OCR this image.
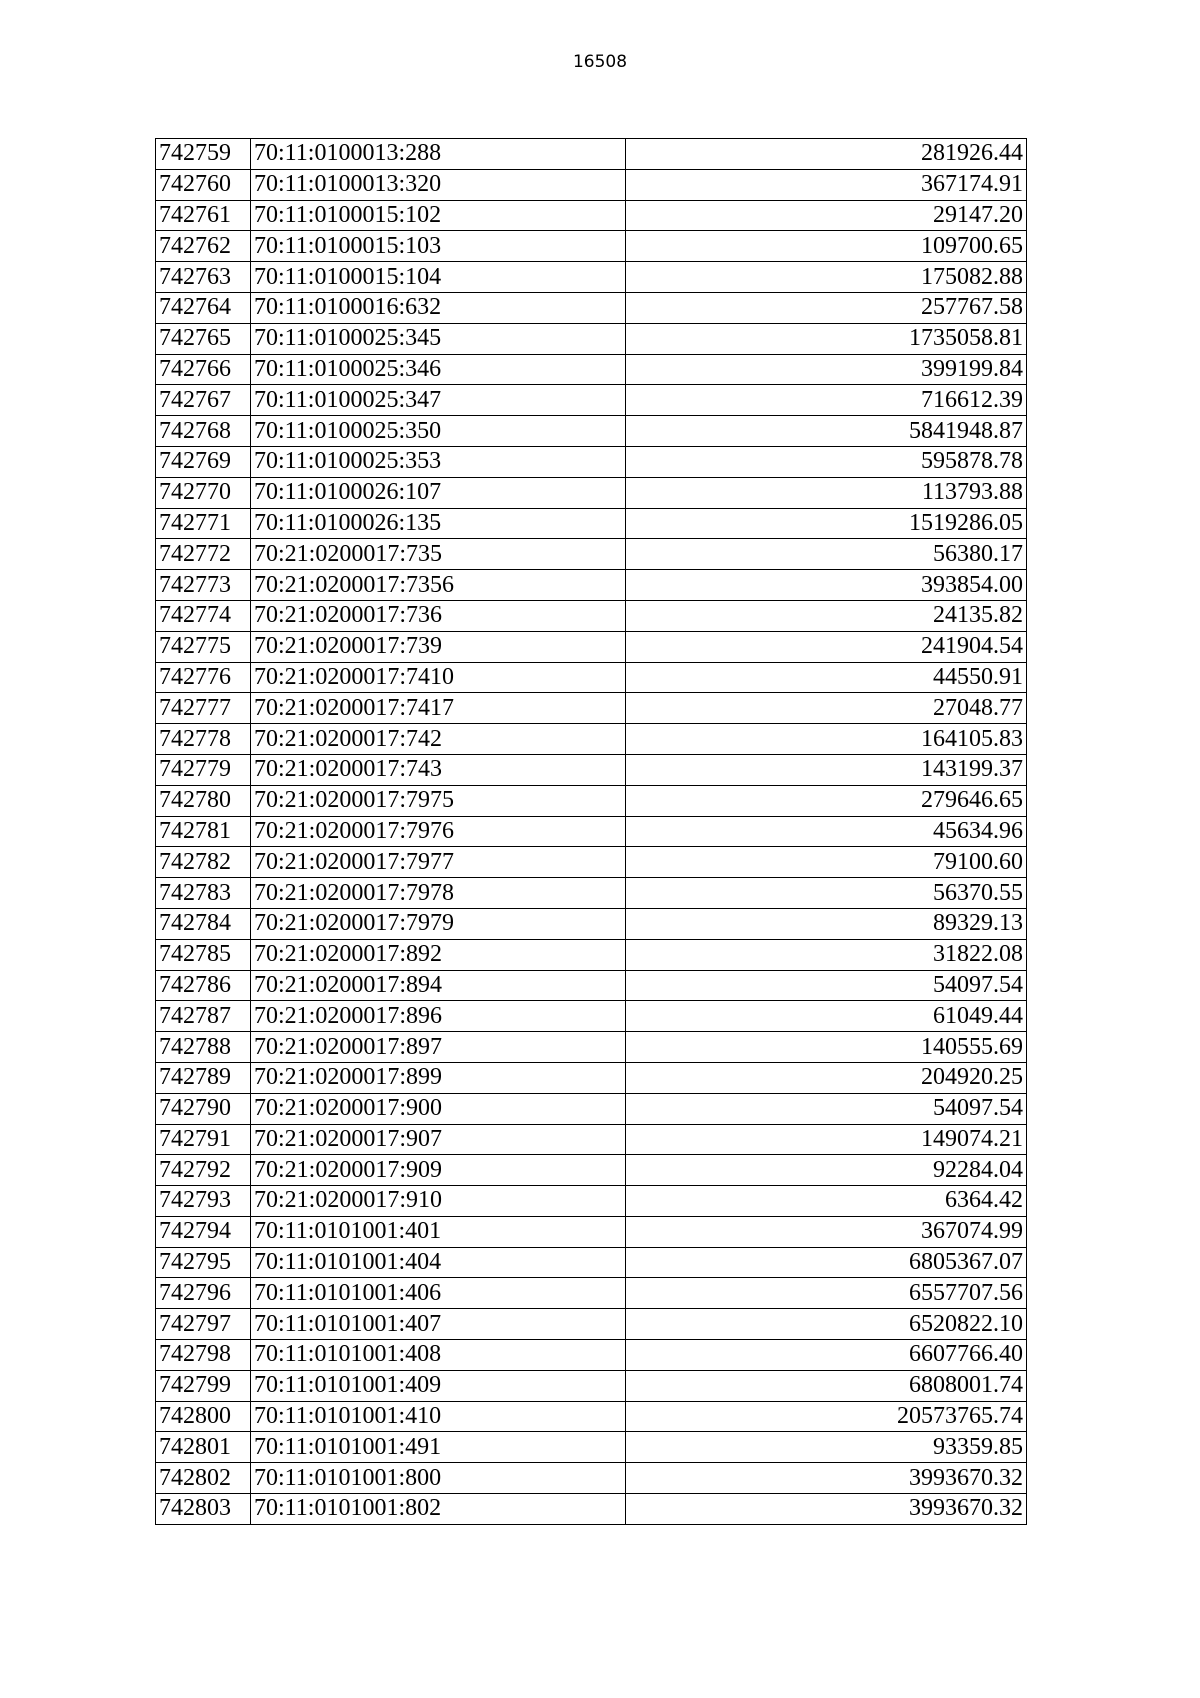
16508
742759	70:11:0100013:288	281926.44
742760	70:11:0100013:320	367174.91
742761	70:11:0100015:102	29147.20
742762	70:11:0100015:103	109700.65
742763	70:11:0100015:104	175082.88
742764	70:11:0100016:632	257767.58
742765	70:11:0100025:345	1735058.81
742766	70:11:0100025:346	399199.84
742767	70:11:0100025:347	716612.39
742768	70:11:0100025:350	5841948.87
742769	70:11:0100025:353	595878.78
742770	70:11:0100026:107	113793.88
742771	70:11:0100026:135	1519286.05
742772	70:21:0200017:735	56380.17
742773	70:21:0200017:7356	393854.00
742774	70:21:0200017:736	24135.82
742775	70:21:0200017:739	241904.54
742776	70:21:0200017:7410	44550.91
742777	70:21:0200017:7417	27048.77
742778	70:21:0200017:742	164105.83
742779	70:21:0200017:743	143199.37
742780	70:21:0200017:7975	279646.65
742781	70:21:0200017:7976	45634.96
742782	70:21:0200017:7977	79100.60
742783	70:21:0200017:7978	56370.55
742784	70:21:0200017:7979	89329.13
742785	70:21:0200017:892	31822.08
742786	70:21:0200017:894	54097.54
742787	70:21:0200017:896	61049.44
742788	70:21:0200017:897	140555.69
742789	70:21:0200017:899	204920.25
742790	70:21:0200017:900	54097.54
742791	70:21:0200017:907	149074.21
742792	70:21:0200017:909	92284.04
742793	70:21:0200017:910	6364.42
742794	70:11:0101001:401	367074.99
742795	70:11:0101001:404	6805367.07
742796	70:11:0101001:406	6557707.56
742797	70:11:0101001:407	6520822.10
742798	70:11:0101001:408	6607766.40
742799	70:11:0101001:409	6808001.74
742800	70:11:0101001:410	20573765.74
742801	70:11:0101001:491	93359.85
742802	70:11:0101001:800	3993670.32
742803	70:11:0101001:802	3993670.32
